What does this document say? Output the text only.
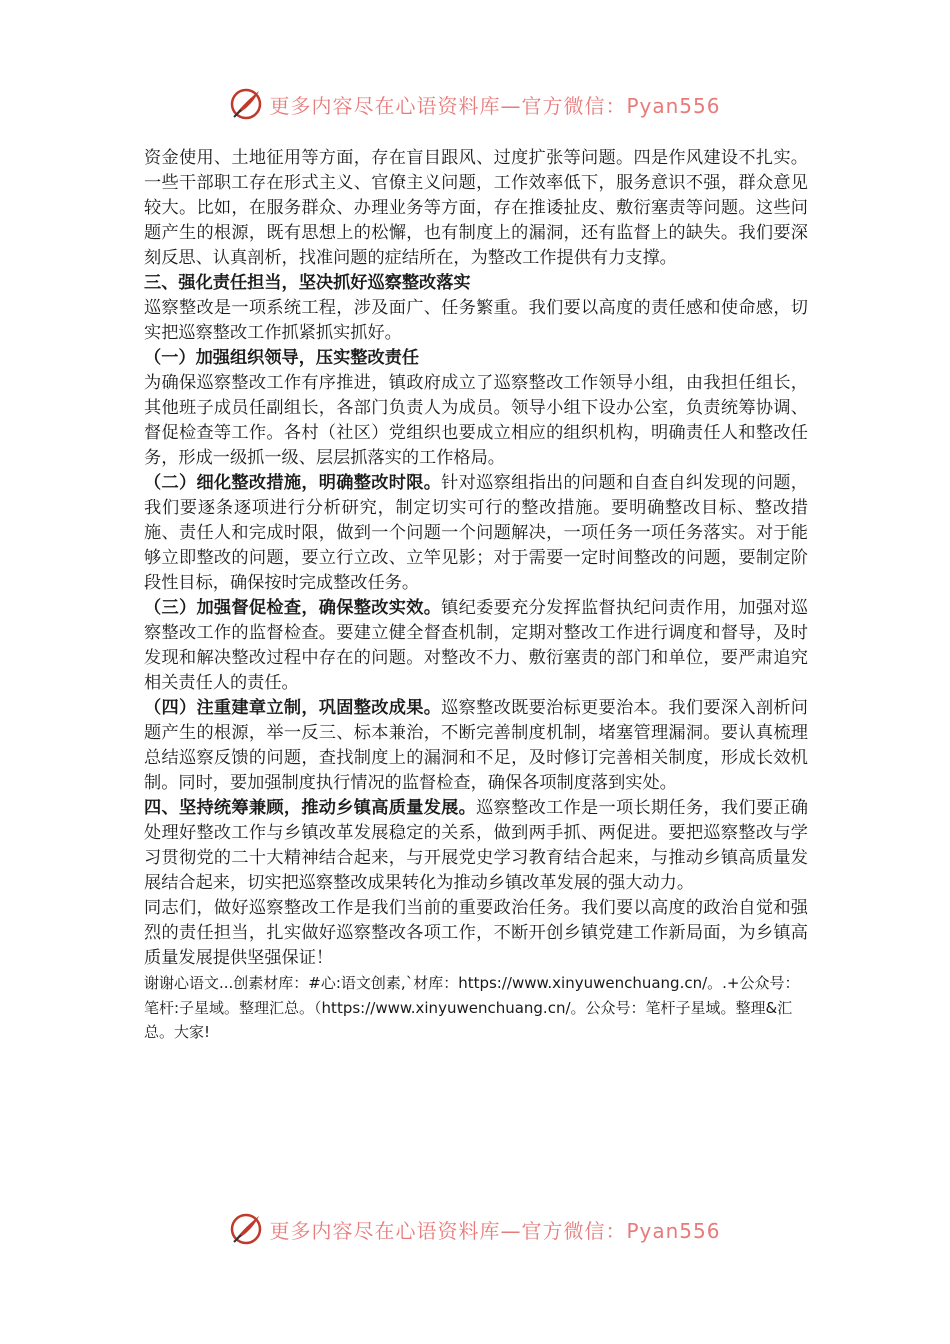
更多内容尽在心语资料库—官方微信：Pyan556

资金使用、土地征用等方面，存在盲目跟风、过度扩张等问题。四是作风建设不扎实。一些干部职工存在形式主义、官僚主义问题，工作效率低下，服务意识不强，群众意见较大。比如，在服务群众、办理业务等方面，存在推诿扯皮、敷衍塞责等问题。这些问题产生的根源，既有思想上的松懈，也有制度上的漏洞，还有监督上的缺失。我们要深刻反思、认真剖析，找准问题的症结所在，为整改工作提供有力支撑。

三、强化责任担当，坚决抓好巡察整改落实

巡察整改是一项系统工程，涉及面广、任务繁重。我们要以高度的责任感和使命感，切实把巡察整改工作抓紧抓实抓好。

（一）加强组织领导，压实整改责任

为确保巡察整改工作有序推进，镇政府成立了巡察整改工作领导小组，由我担任组长，其他班子成员任副组长，各部门负责人为成员。领导小组下设办公室，负责统筹协调、督促检查等工作。各村（社区）党组织也要成立相应的组织机构，明确责任人和整改任务，形成一级抓一级、层层抓落实的工作格局。

（二）细化整改措施，明确整改时限。针对巡察组指出的问题和自查自纠发现的问题，我们要逐条逐项进行分析研究，制定切实可行的整改措施。要明确整改目标、整改措施、责任人和完成时限，做到一个问题一个问题解决，一项任务一项任务落实。对于能够立即整改的问题，要立行立改、立竿见影；对于需要一定时间整改的问题，要制定阶段性目标，确保按时完成整改任务。

（三）加强督促检查，确保整改实效。镇纪委要充分发挥监督执纪问责作用，加强对巡察整改工作的监督检查。要建立健全督查机制，定期对整改工作进行调度和督导，及时发现和解决整改过程中存在的问题。对整改不力、敷衍塞责的部门和单位，要严肃追究相关责任人的责任。

（四）注重建章立制，巩固整改成果。巡察整改既要治标更要治本。我们要深入剖析问题产生的根源，举一反三、标本兼治，不断完善制度机制，堵塞管理漏洞。要认真梳理总结巡察反馈的问题，查找制度上的漏洞和不足，及时修订完善相关制度，形成长效机制。同时，要加强制度执行情况的监督检查，确保各项制度落到实处。

四、坚持统筹兼顾，推动乡镇高质量发展。巡察整改工作是一项长期任务，我们要正确处理好整改工作与乡镇改革发展稳定的关系，做到两手抓、两促进。要把巡察整改与学习贯彻党的二十大精神结合起来，与开展党史学习教育结合起来，与推动乡镇高质量发展结合起来，切实把巡察整改成果转化为推动乡镇改革发展的强大动力。

同志们，做好巡察整改工作是我们当前的重要政治任务。我们要以高度的政治自觉和强烈的责任担当，扎实做好巡察整改各项工作，不断开创乡镇党建工作新局面，为乡镇高质量发展提供坚强保证！

谢谢心语文...创素材库：#心:语文创素,`材库：https://www.xinyuwenchuang.cn/。.+公众号：笔杆:子星域。整理汇总。（https://www.xinyuwenchuang.cn/。公众号：笔杆子星域。整理&汇总。大家!

更多内容尽在心语资料库—官方微信：Pyan556
